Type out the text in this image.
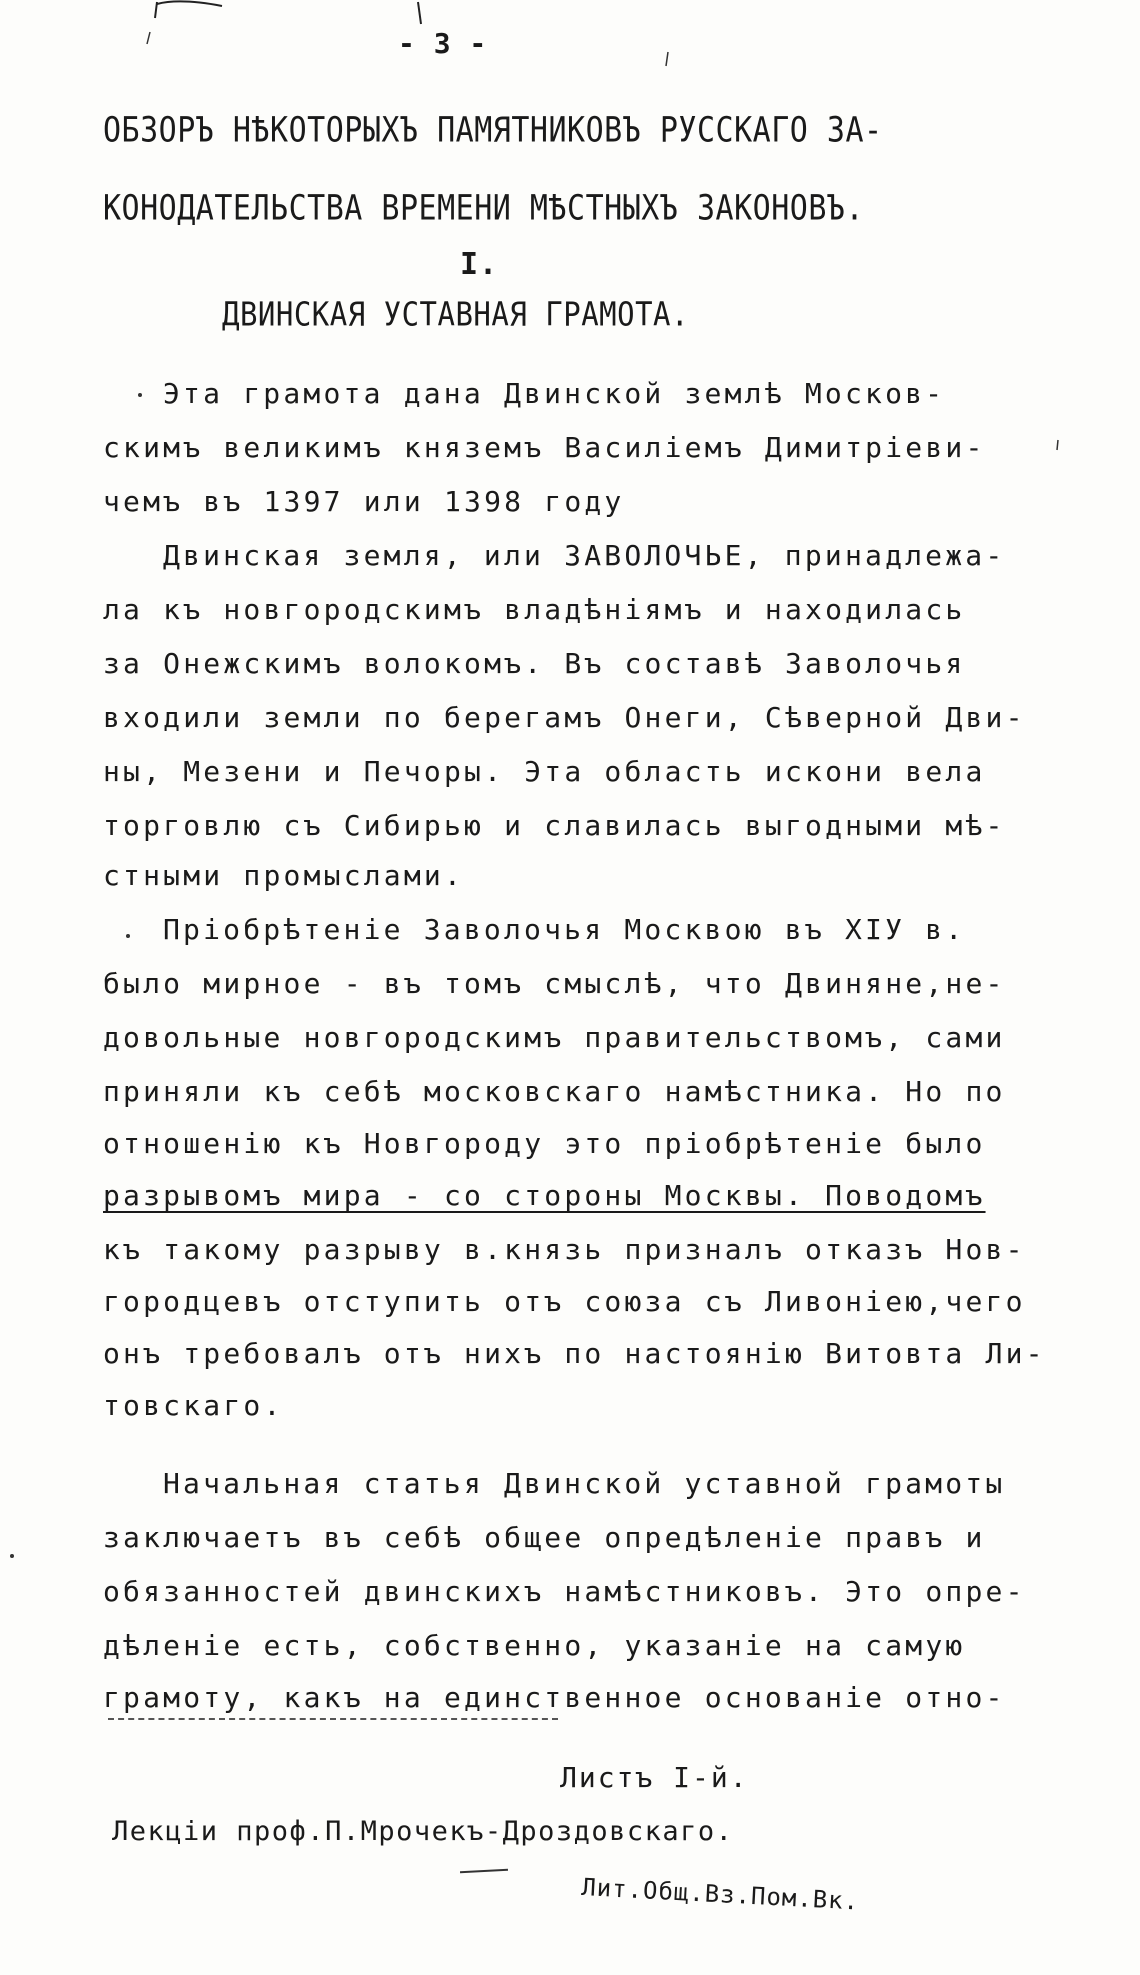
- 3 -
ОБЗОРЪ НѢКОТОРЫХЪ ПАМЯТНИКОВЪ РУССКАГО ЗА-
КОНОДАТЕЛЬСТВА ВРЕМЕНИ МѢСТНЫХЪ ЗАКОНОВЪ.
I.
ДВИНСКАЯ УСТАВНАЯ ГРАМОТА.
Эта грамота дана Двинской землѣ Москов-
скимъ великимъ княземъ Василіемъ Димитріеви-
чемъ въ 1397 или 1398 году
Двинская земля, или ЗАВОЛОЧЬЕ, принадлежа-
ла къ новгородскимъ владѣніямъ и находилась
за Онежскимъ волокомъ. Въ составѣ Заволочья
входили земли по берегамъ Онеги, Сѣверной Дви-
ны, Мезени и Печоры. Эта область искони вела
торговлю съ Сибирью и славилась выгодными мѣ-
стными промыслами.
Пріобрѣтеніе Заволочья Москвою въ XIУ в.
было мирное - въ томъ смыслѣ, что Двиняне,не-
довольные новгородскимъ правительствомъ, сами
приняли къ себѣ московскаго намѣстника. Но по
отношенію къ Новгороду это пріобрѣтеніе было
разрывомъ мира - со стороны Москвы. Поводомъ
къ такому разрыву в.князь призналъ отказъ Нов-
городцевъ отступить отъ союза съ Ливоніею,чего
онъ требовалъ отъ нихъ по настоянію Витовта Ли-
товскаго.
Начальная статья Двинской уставной грамоты
заключаетъ въ себѣ общее опредѣленіе правъ и
обязанностей двинскихъ намѣстниковъ. Это опре-
дѣленіе есть, собственно, указаніе на самую
грамоту, какъ на единственное основаніе отно-
Листъ I-й.
Лекціи проф.П.Мрочекъ-Дроздовскаго.
Лит.Общ.Вз.Пом.Вк.
